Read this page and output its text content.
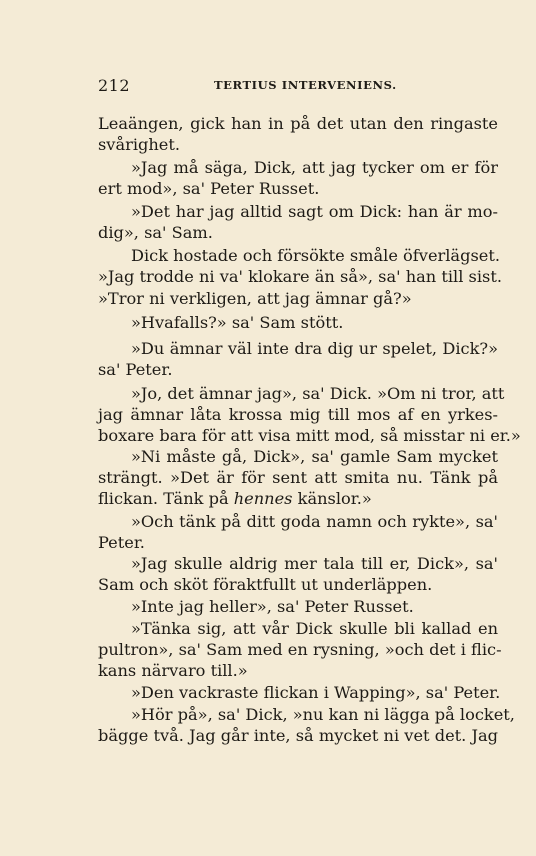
212	TERTIUS INTERVENIENS.
Leaängen, gick han in på det utan den ringaste
svårighet.
»Jag må säga, Dick, att jag tycker om er för
ert mod», sa' Peter Russet.
»Det har jag alltid sagt om Dick: han är mo-
dig», sa' Sam.
Dick hostade och försökte småle öfverlägset.
»Jag trodde ni va' klokare än så», sa' han till sist.
»Tror ni verkligen, att jag ämnar gå?»
»Hvafalls?» sa' Sam stött.
»Du ämnar väl inte dra dig ur spelet, Dick?»
sa' Peter.
»Jo, det ämnar jag», sa' Dick. »Om ni tror, att
jag ämnar låta krossa mig till mos af en yrkes-
boxare bara för att visa mitt mod, så misstar ni er.»
»Ni måste gå, Dick», sa' gamle Sam mycket
strängt. »Det är för sent att smita nu. Tänk på
flickan. Tänk på hennes känslor.»
»Och tänk på ditt goda namn och rykte», sa'
Peter.
»Jag skulle aldrig mer tala till er, Dick», sa'
Sam och sköt föraktfullt ut underläppen.
»Inte jag heller», sa' Peter Russet.
»Tänka sig, att vår Dick skulle bli kallad en
pultron», sa' Sam med en rysning, »och det i flic-
kans närvaro till.»
»Den vackraste flickan i Wapping», sa' Peter.
»Hör på», sa' Dick, »nu kan ni lägga på locket,
bägge två. Jag går inte, så mycket ni vet det. Jag
